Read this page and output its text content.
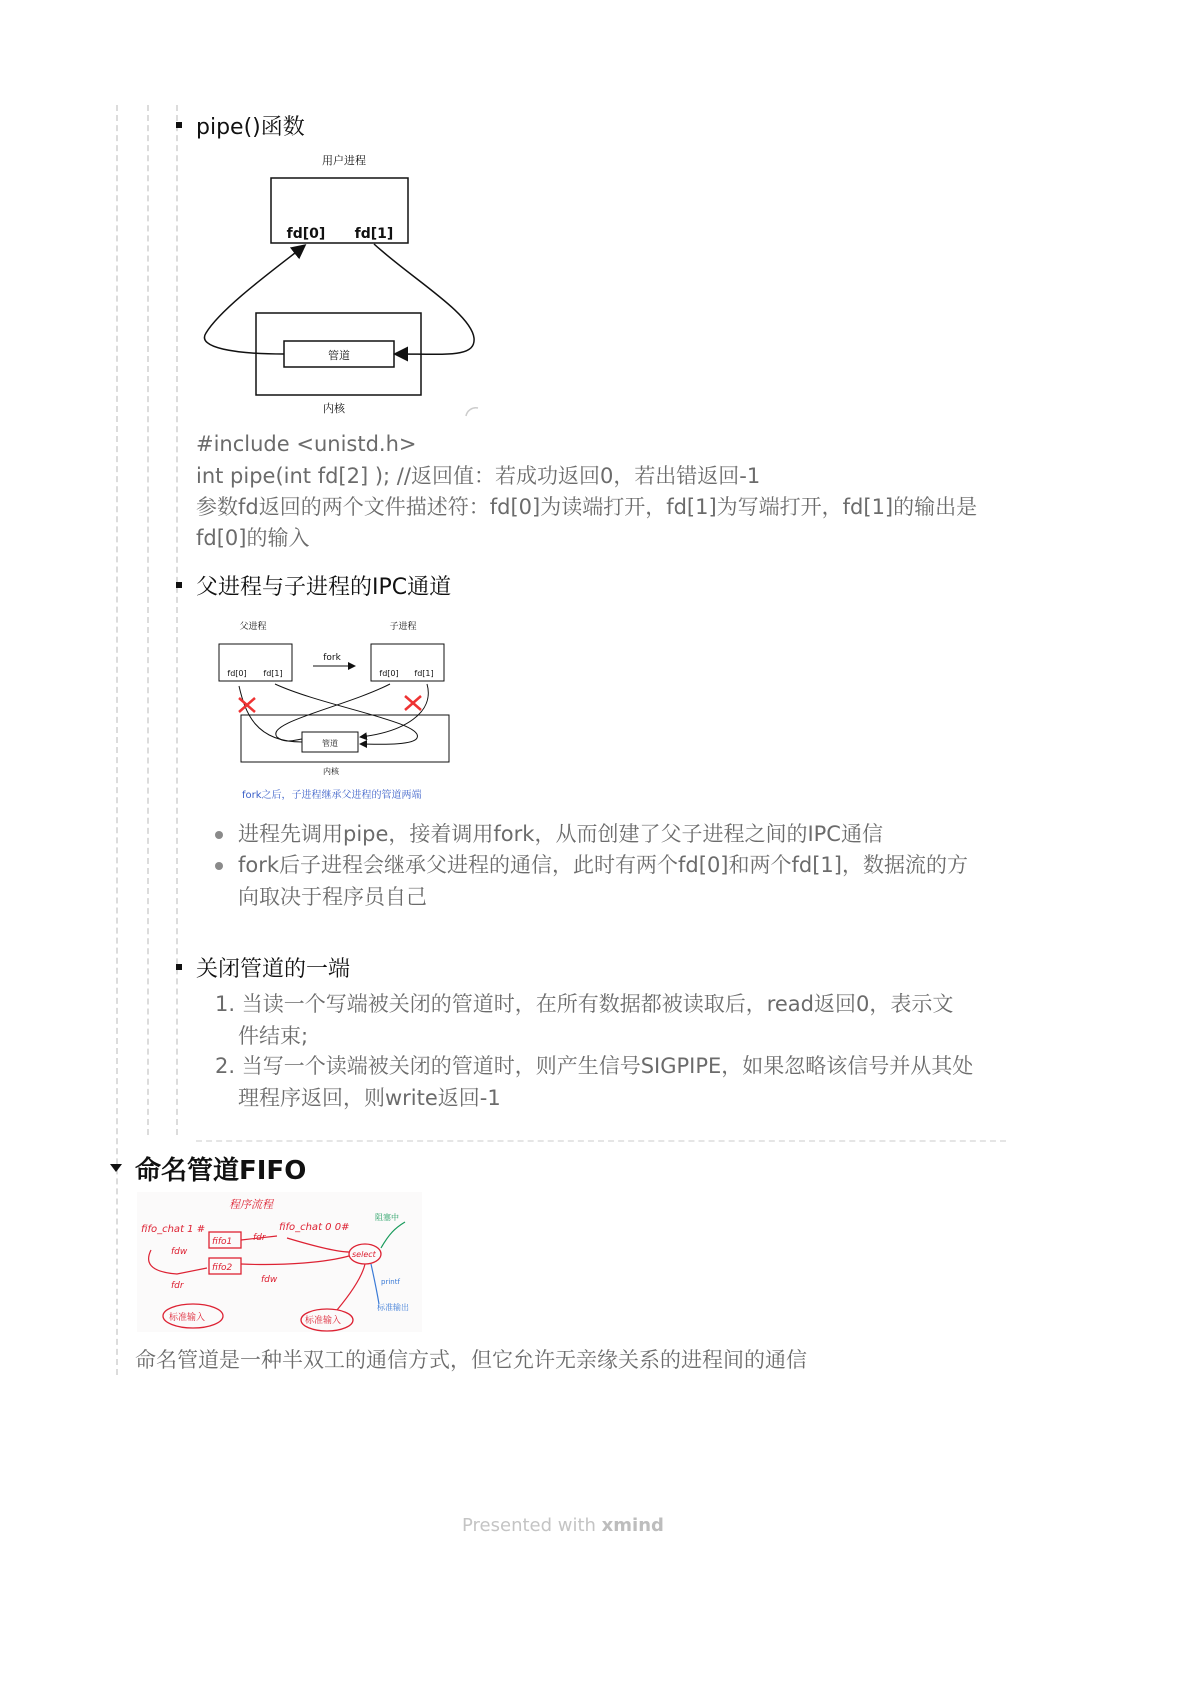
pipe()函数
用户进程
fd[0] fd[1]
管道
内核
#include <unistd.h>
int pipe(int fd[2] ); //返回值：若成功返回0，若出错返回-1
参数fd返回的两个文件描述符：fd[0]为读端打开，fd[1]为写端打开，fd[1]的输出是
fd[0]的输入
父进程与子进程的IPC通道
父进程	子进程
fd[0] fd[1]	fd[0] fd[1]
fork
管道
内核
fork之后，子进程继承父进程的管道两端
进程先调用pipe，接着调用fork，从而创建了父子进程之间的IPC通信
fork后子进程会继承父进程的通信，此时有两个fd[0]和两个fd[1]，数据流的方
向取决于程序员自己
关闭管道的一端
1. 当读一个写端被关闭的管道时，在所有数据都被读取后，read返回0，表示文
件结束;
2. 当写一个读端被关闭的管道时，则产生信号SIGPIPE，如果忽略该信号并从其处
理程序返回，则write返回-1
命名管道FIFO
程序流程
fifo_chat 1 #
fifo1
fifo2
fdw
fdr
fifo_chat 0 0#
fdw
fdr
select
标准输入	标准输入
阻塞中
printf
标准输出
命名管道是一种半双工的通信方式，但它允许无亲缘关系的进程间的通信
Presented with xmind
